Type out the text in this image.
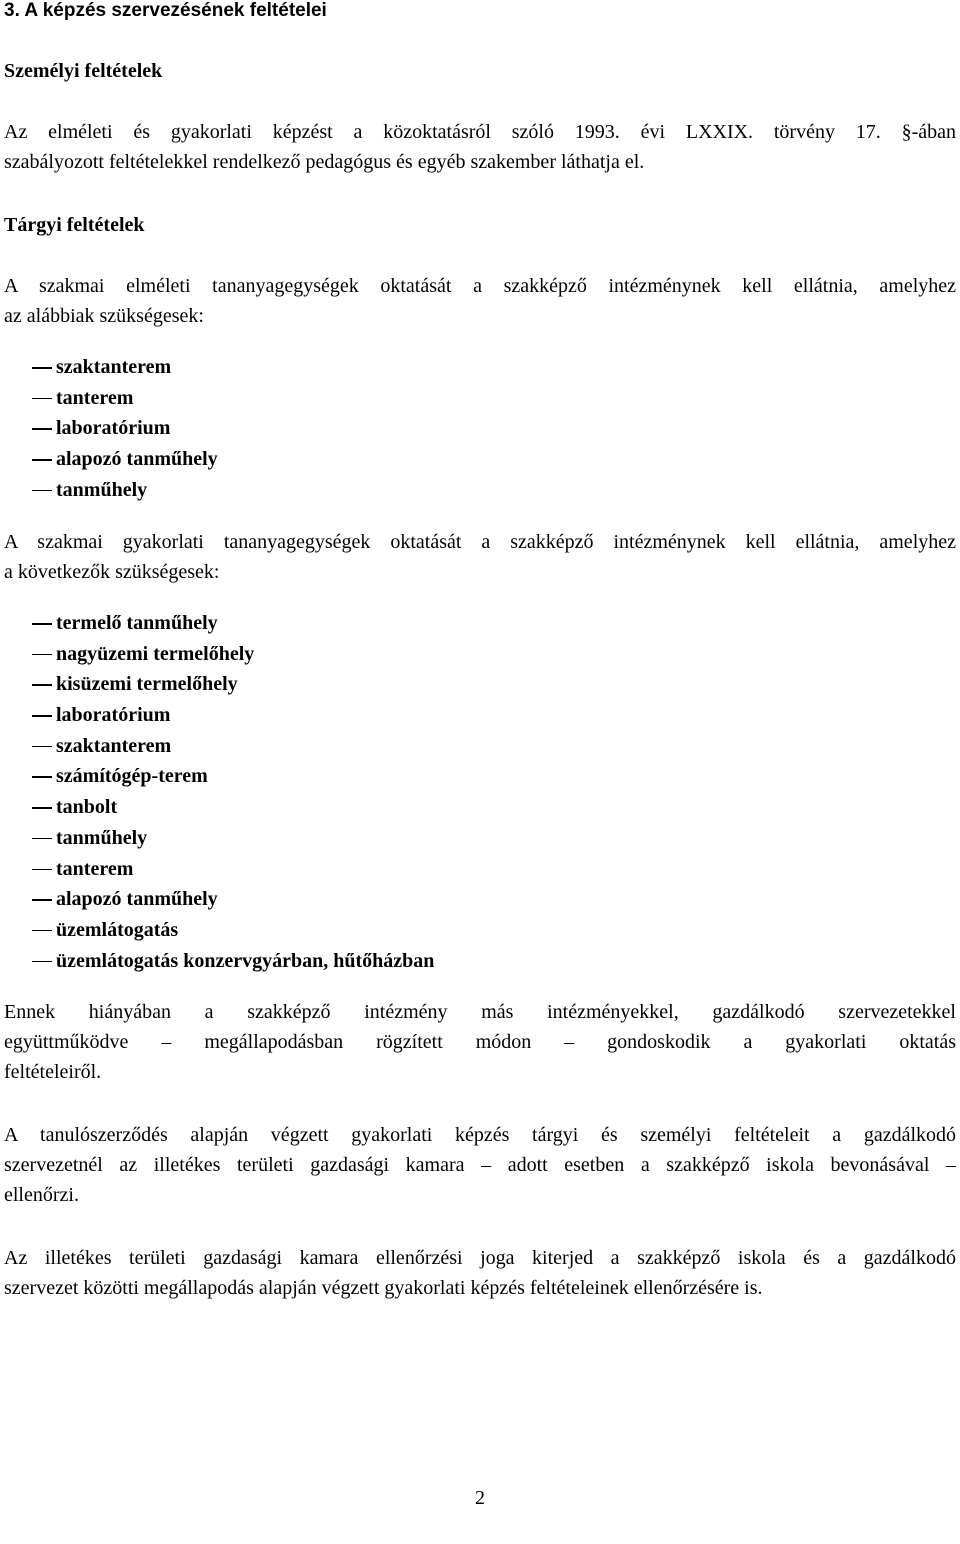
3. A képzés szervezésének feltételei
Személyi feltételek
Az elméleti és gyakorlati képzést a közoktatásról szóló 1993. évi LXXIX. törvény 17. §-ában
szabályozott feltételekkel rendelkező pedagógus és egyéb szakember láthatja el.
Tárgyi feltételek
A szakmai elméleti tananyagegységek oktatását a szakképző intézménynek kell ellátnia, amelyhez
az alábbiak szükségesek:
szaktanterem
tanterem
laboratórium
alapozó tanműhely
tanműhely
A szakmai gyakorlati tananyagegységek oktatását a szakképző intézménynek kell ellátnia, amelyhez
a következők szükségesek:
termelő tanműhely
nagyüzemi termelőhely
kisüzemi termelőhely
laboratórium
szaktanterem
számítógép-terem
tanbolt
tanműhely
tanterem
alapozó tanműhely
üzemlátogatás
üzemlátogatás konzervgyárban, hűtőházban
Ennek hiányában a szakképző intézmény más intézményekkel, gazdálkodó szervezetekkel
együttműködve – megállapodásban rögzített módon – gondoskodik a gyakorlati oktatás
feltételeiről.
A tanulószerződés alapján végzett gyakorlati képzés tárgyi és személyi feltételeit a gazdálkodó
szervezetnél az illetékes területi gazdasági kamara – adott esetben a szakképző iskola bevonásával –
ellenőrzi.
Az illetékes területi gazdasági kamara ellenőrzési joga kiterjed a szakképző iskola és a gazdálkodó
szervezet közötti megállapodás alapján végzett gyakorlati képzés feltételeinek ellenőrzésére is.
2
